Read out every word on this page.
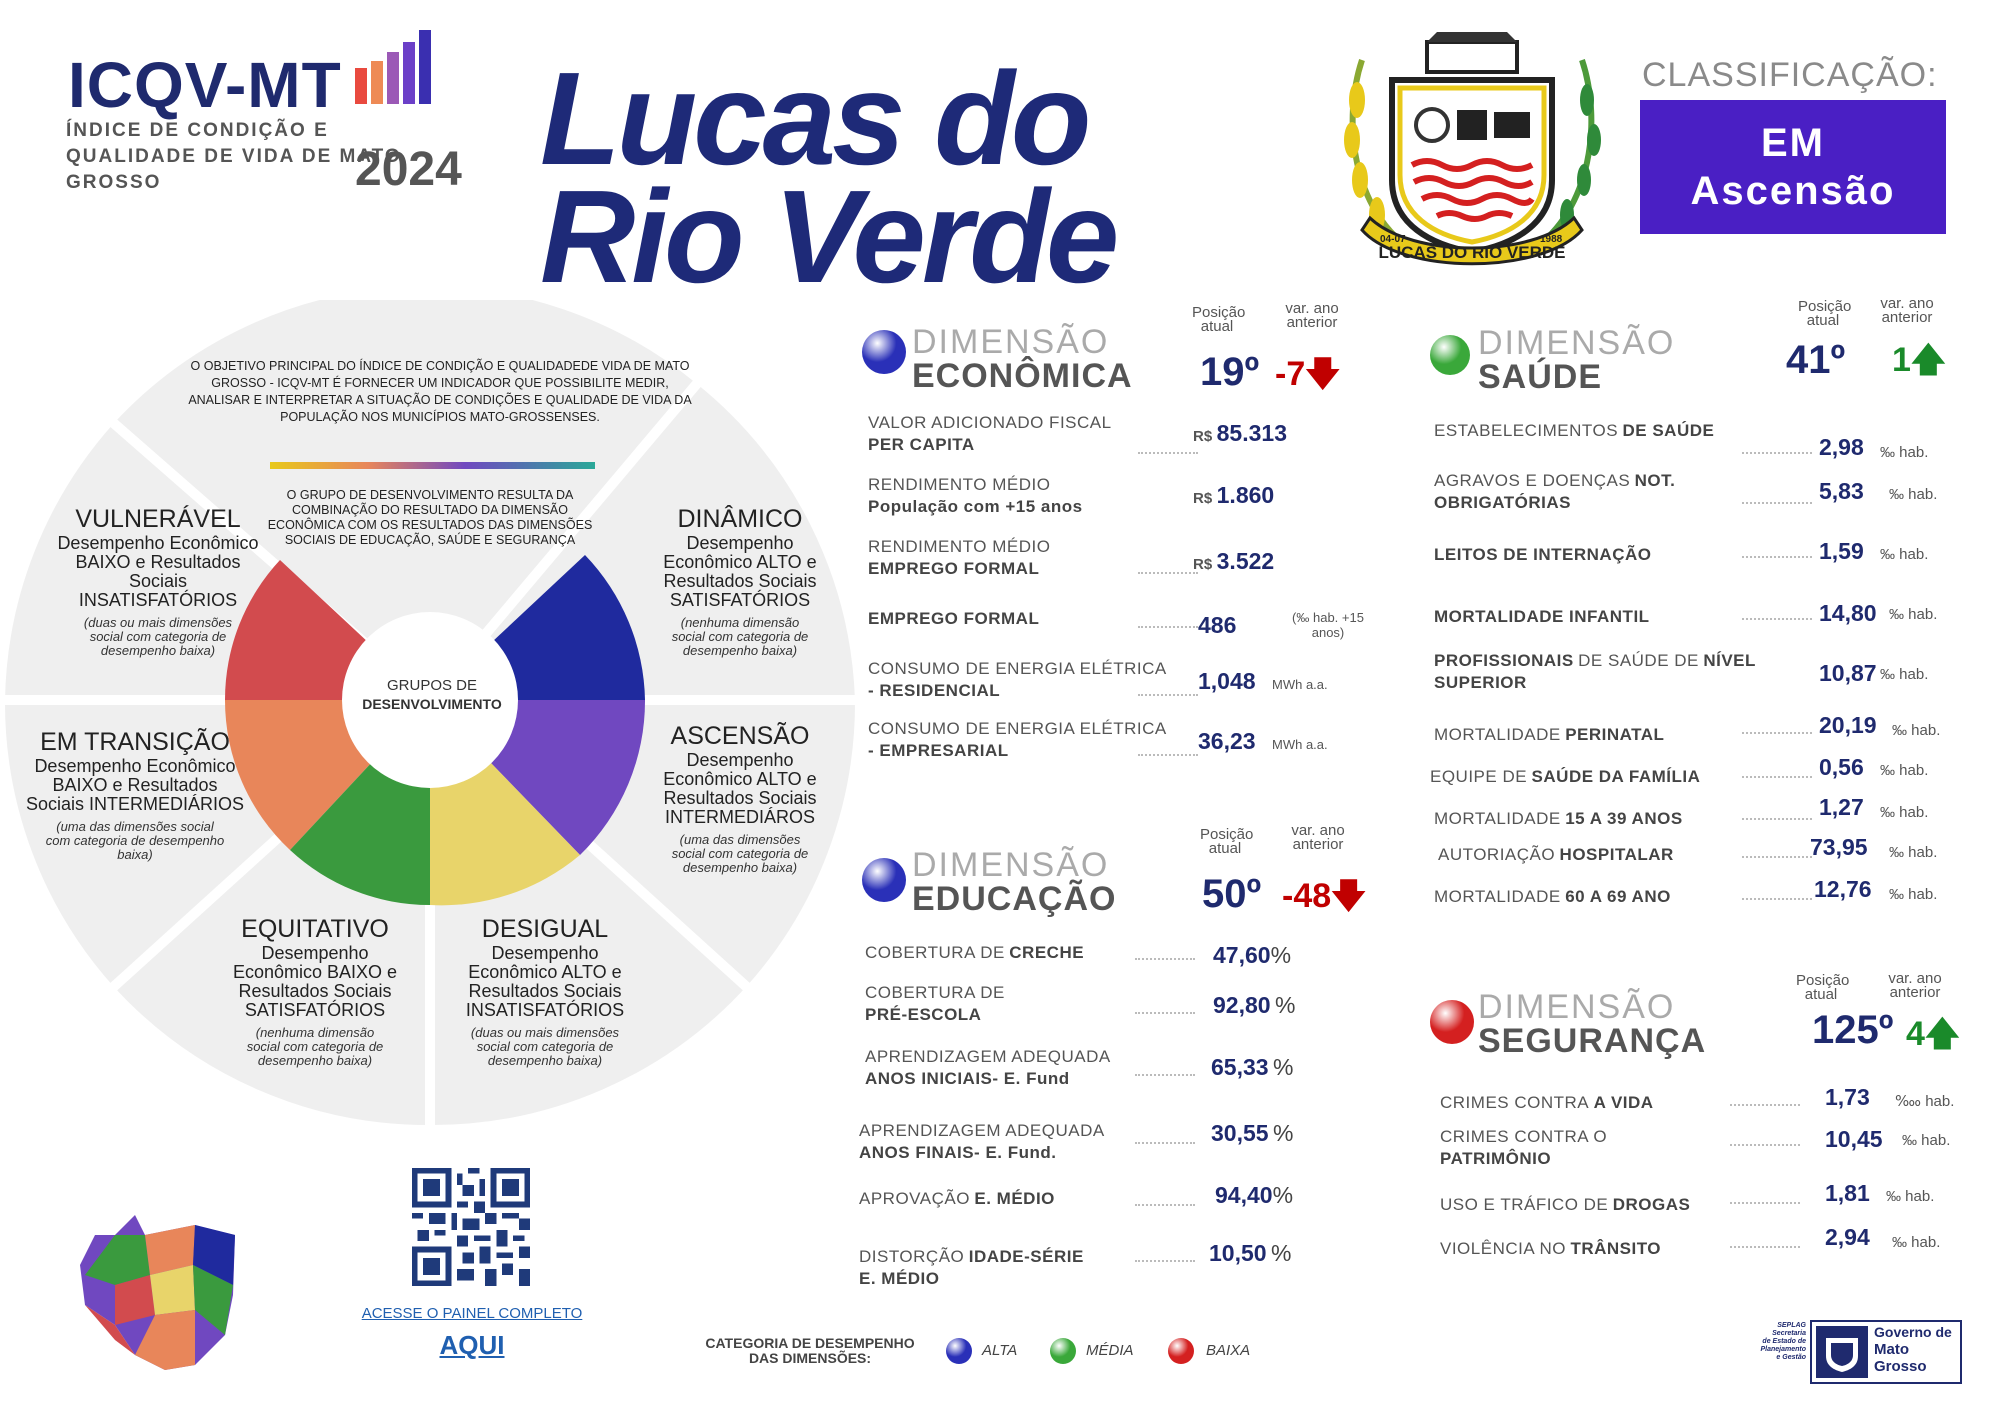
ICQV-MT
ÍNDICE DE CONDIÇÃO E QUALIDADE DE VIDA DE MATO GROSSO	2024 Lucas do
Rio Verde	LUCAS DO RIO VERDE
04-07	1988
CLASSIFICAÇÃO:
EM
Ascensão
GRUPOS DE
DESENVOLVIMENTO
O OBJETIVO PRINCIPAL DO ÍNDICE DE CONDIÇÃO E QUALIDADEDE VIDA DE MATO GROSSO - ICQV-MT É FORNECER UM INDICADOR QUE POSSIBILITE MEDIR, ANALISAR E INTERPRETAR A SITUAÇÃO DE CONDIÇÕES E QUALIDADE DE VIDA DA POPULAÇÃO NOS MUNICÍPIOS MATO-GROSSENSES.
O GRUPO DE DESENVOLVIMENTO RESULTA DA COMBINAÇÃO DO RESULTADO DA DIMENSÃO ECONÔMICA COM OS RESULTADOS DAS DIMENSÕES SOCIAIS DE EDUCAÇÃO, SAÚDE E SEGURANÇA
VULNERÁVEL
Desempenho Econômico BAIXO e Resultados Sociais INSATISFATÓRIOS
(duas ou mais dimensões social com categoria de desempenho baixa)
DINÂMICO
Desempenho Econômico ALTO e Resultados Sociais SATISFATÓRIOS
(nenhuma dimensão social com categoria de desempenho baixa)
EM TRANSIÇÃO
Desempenho Econômico BAIXO e Resultados Sociais INTERMEDIÁRIOS
(uma das dimensões social com categoria de desempenho baixa)
ASCENSÃO
Desempenho Econômico ALTO e Resultados Sociais INTERMEDIÁROS
(uma das dimensões social com categoria de desempenho baixa)
EQUITATIVO
Desempenho Econômico BAIXO e Resultados Sociais SATISFATÓRIOS
(nenhuma dimensão social com categoria de desempenho baixa)
DESIGUAL
Desempenho Econômico ALTO e Resultados Sociais INSATISFATÓRIOS
(duas ou mais dimensões social com categoria de desempenho baixa)
DIMENSÃO
ECONÔMICA
Posição
atual
var. ano
anterior
19º -7🡇
VALOR ADICIONADO FISCAL
PER CAPITA	R$ 85.313
RENDIMENTO MÉDIO
População com +15 anos	R$ 1.860
RENDIMENTO MÉDIO
EMPREGO FORMAL	R$ 3.522
EMPREGO FORMAL	486	(‰ hab. +15 anos)
CONSUMO DE ENERGIA ELÉTRICA
- RESIDENCIAL	1,048 MWh a.a.
CONSUMO DE ENERGIA ELÉTRICA
- EMPRESARIAL	36,23 MWh a.a.
DIMENSÃO
EDUCAÇÃO
Posição
atual
var. ano
anterior
50º -48🡇
COBERTURA DE CRECHE	47,60%
COBERTURA DE
PRÉ-ESCOLA	92,80 %
APRENDIZAGEM ADEQUADA
ANOS INICIAIS- E. Fund	65,33 %
APRENDIZAGEM ADEQUADA
ANOS FINAIS- E. Fund.
30,55 %
APROVAÇÃO E. MÉDIO	94,40%
DISTORÇÃO IDADE-SÉRIE
E. MÉDIO
10,50 %
DIMENSÃO
SAÚDE
Posição
atual
var. ano
anterior
41º 1🡅
ESTABELECIMENTOS DE SAÚDE
2,98 ‰ hab.
AGRAVOS E DOENÇAS NOT.
OBRIGATÓRIAS	5,83 ‰ hab.
LEITOS DE INTERNAÇÃO	1,59 ‰ hab.
MORTALIDADE INFANTIL	14,80 ‰ hab.
PROFISSIONAIS DE SAÚDE DE NÍVEL
SUPERIOR	10,87 ‰ hab.
MORTALIDADE PERINATAL	20,19 ‰ hab.
EQUIPE DE SAÚDE DA FAMÍLIA	0,56 ‰ hab.
MORTALIDADE 15 A 39 ANOS	1,27 ‰ hab.
AUTORIAÇÃO HOSPITALAR	73,95 ‰ hab.
MORTALIDADE 60 A 69 ANO	12,76 ‰ hab.
DIMENSÃO
SEGURANÇA
Posição
atual
var. ano
anterior
125º 4🡅
CRIMES CONTRA A VIDA	1,73 ‱ hab.
CRIMES CONTRA O
PATRIMÔNIO
10,45 ‰ hab.
USO E TRÁFICO DE DROGAS	1,81 ‰ hab.
VIOLÊNCIA NO TRÂNSITO	2,94 ‰ hab.
ACESSE O PAINEL COMPLETO
AQUI	CATEGORIA DE DESEMPENHO
DAS DIMENSÕES:	ALTA	MÉDIA	BAIXA
SEPLAG
Secretaria
de Estado de
Planejamento
e Gestão
Governo de
Mato
Grosso
